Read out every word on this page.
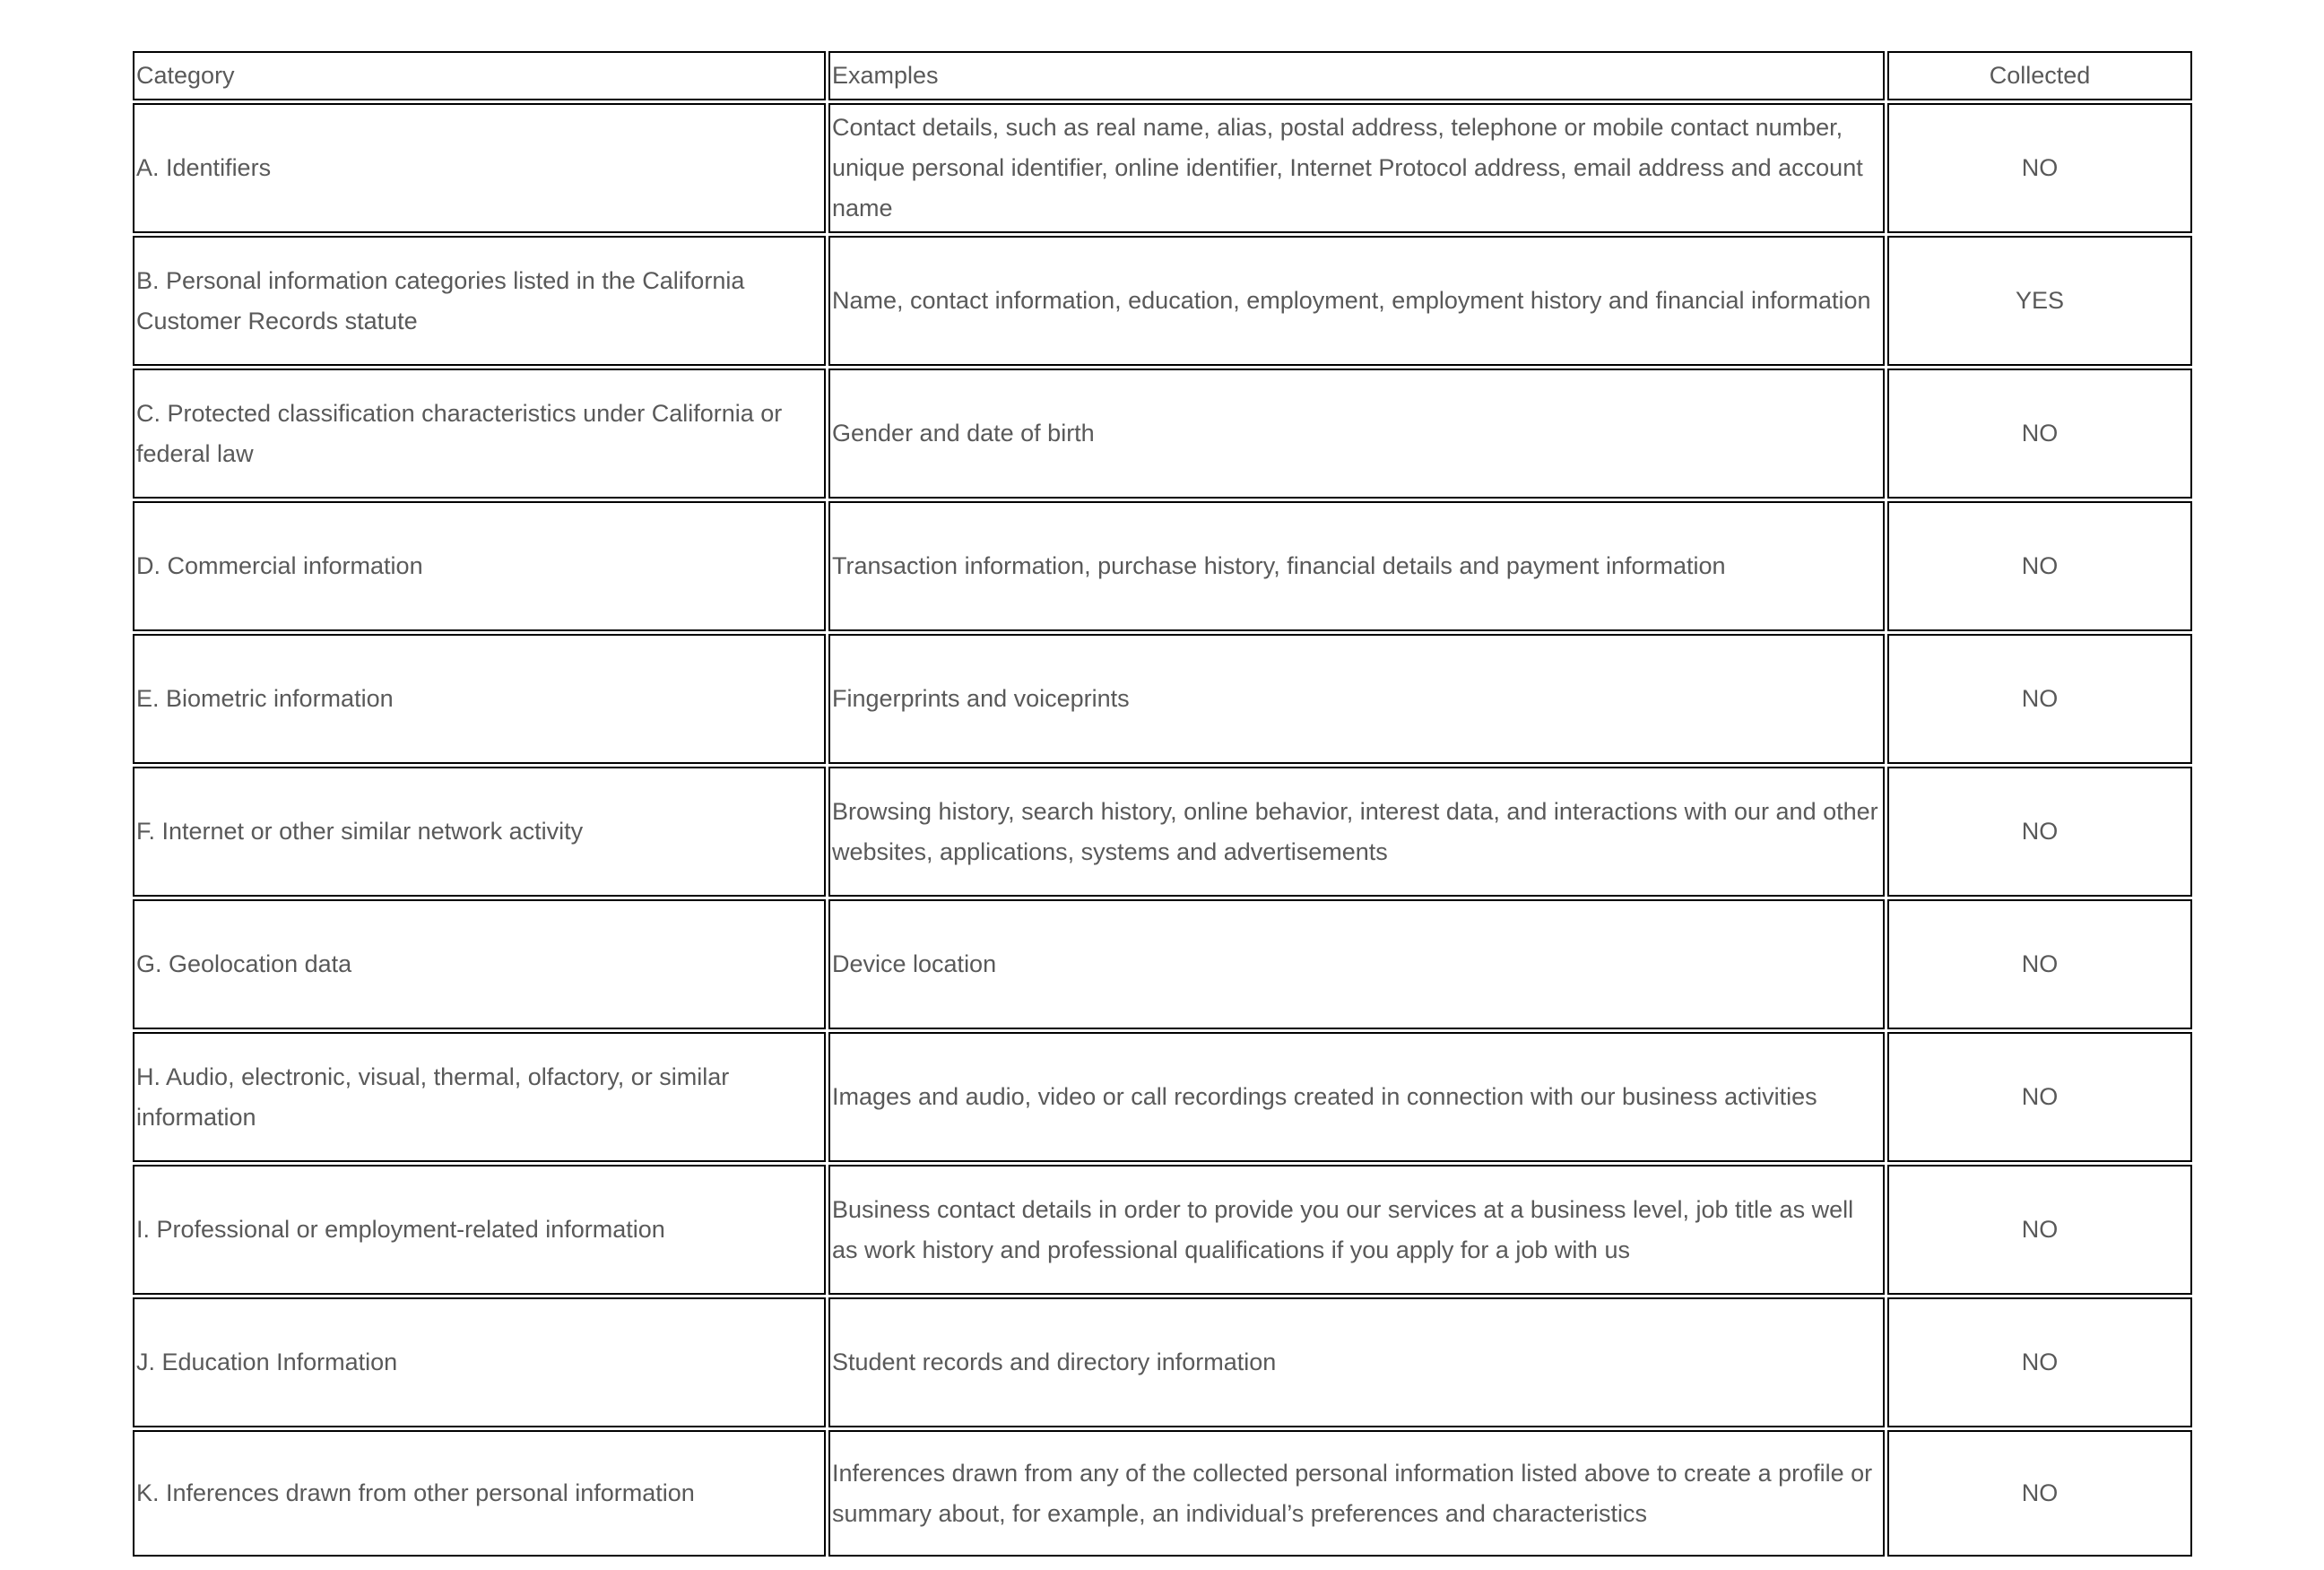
Category	Examples	Collected
A. Identifiers	Contact details, such as real name, alias, postal address, telephone or mobile contact number, unique personal identifier, online identifier, Internet Protocol address, email address and account name	NO
B. Personal information categories listed in the California Customer Records statute	Name, contact information, education, employment, employment history and financial information	YES
C. Protected classification characteristics under California or federal law	Gender and date of birth	NO
D. Commercial information	Transaction information, purchase history, financial details and payment information	NO
E. Biometric information	Fingerprints and voiceprints	NO
F. Internet or other similar network activity	Browsing history, search history, online behavior, interest data, and interactions with our and other websites, applications, systems and advertisements	NO
G. Geolocation data	Device location	NO
H. Audio, electronic, visual, thermal, olfactory, or similar information	Images and audio, video or call recordings created in connection with our business activities	NO
I. Professional or employment-related information	Business contact details in order to provide you our services at a business level, job title as well as work history and professional qualifications if you apply for a job with us	NO
J. Education Information	Student records and directory information	NO
K. Inferences drawn from other personal information	Inferences drawn from any of the collected personal information listed above to create a profile or summary about, for example, an individual’s preferences and characteristics	NO
